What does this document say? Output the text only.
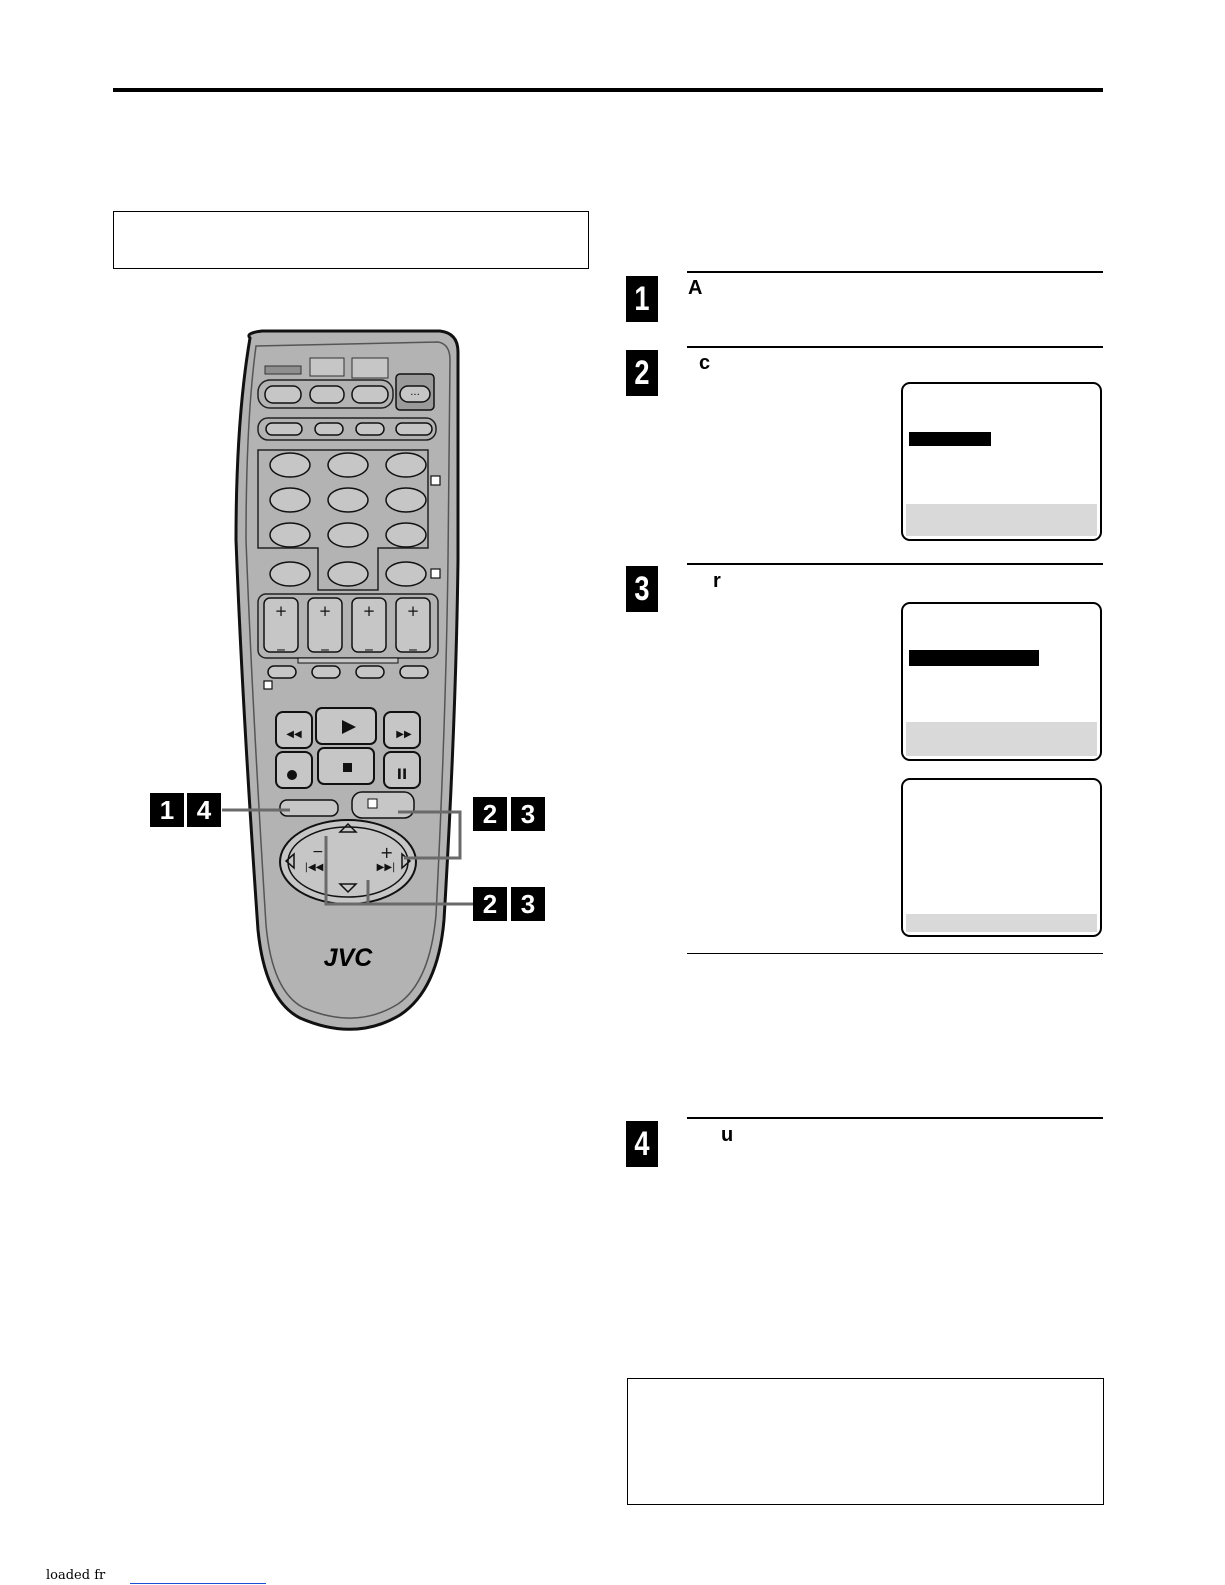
···
+ + + +
_ _ _ _
II
◀◀	▶▶
−	+
|◀◀	▶▶|
JVC
1 4	2 3
2 3
1	A
2	c
3	r
4	u
loaded fr
